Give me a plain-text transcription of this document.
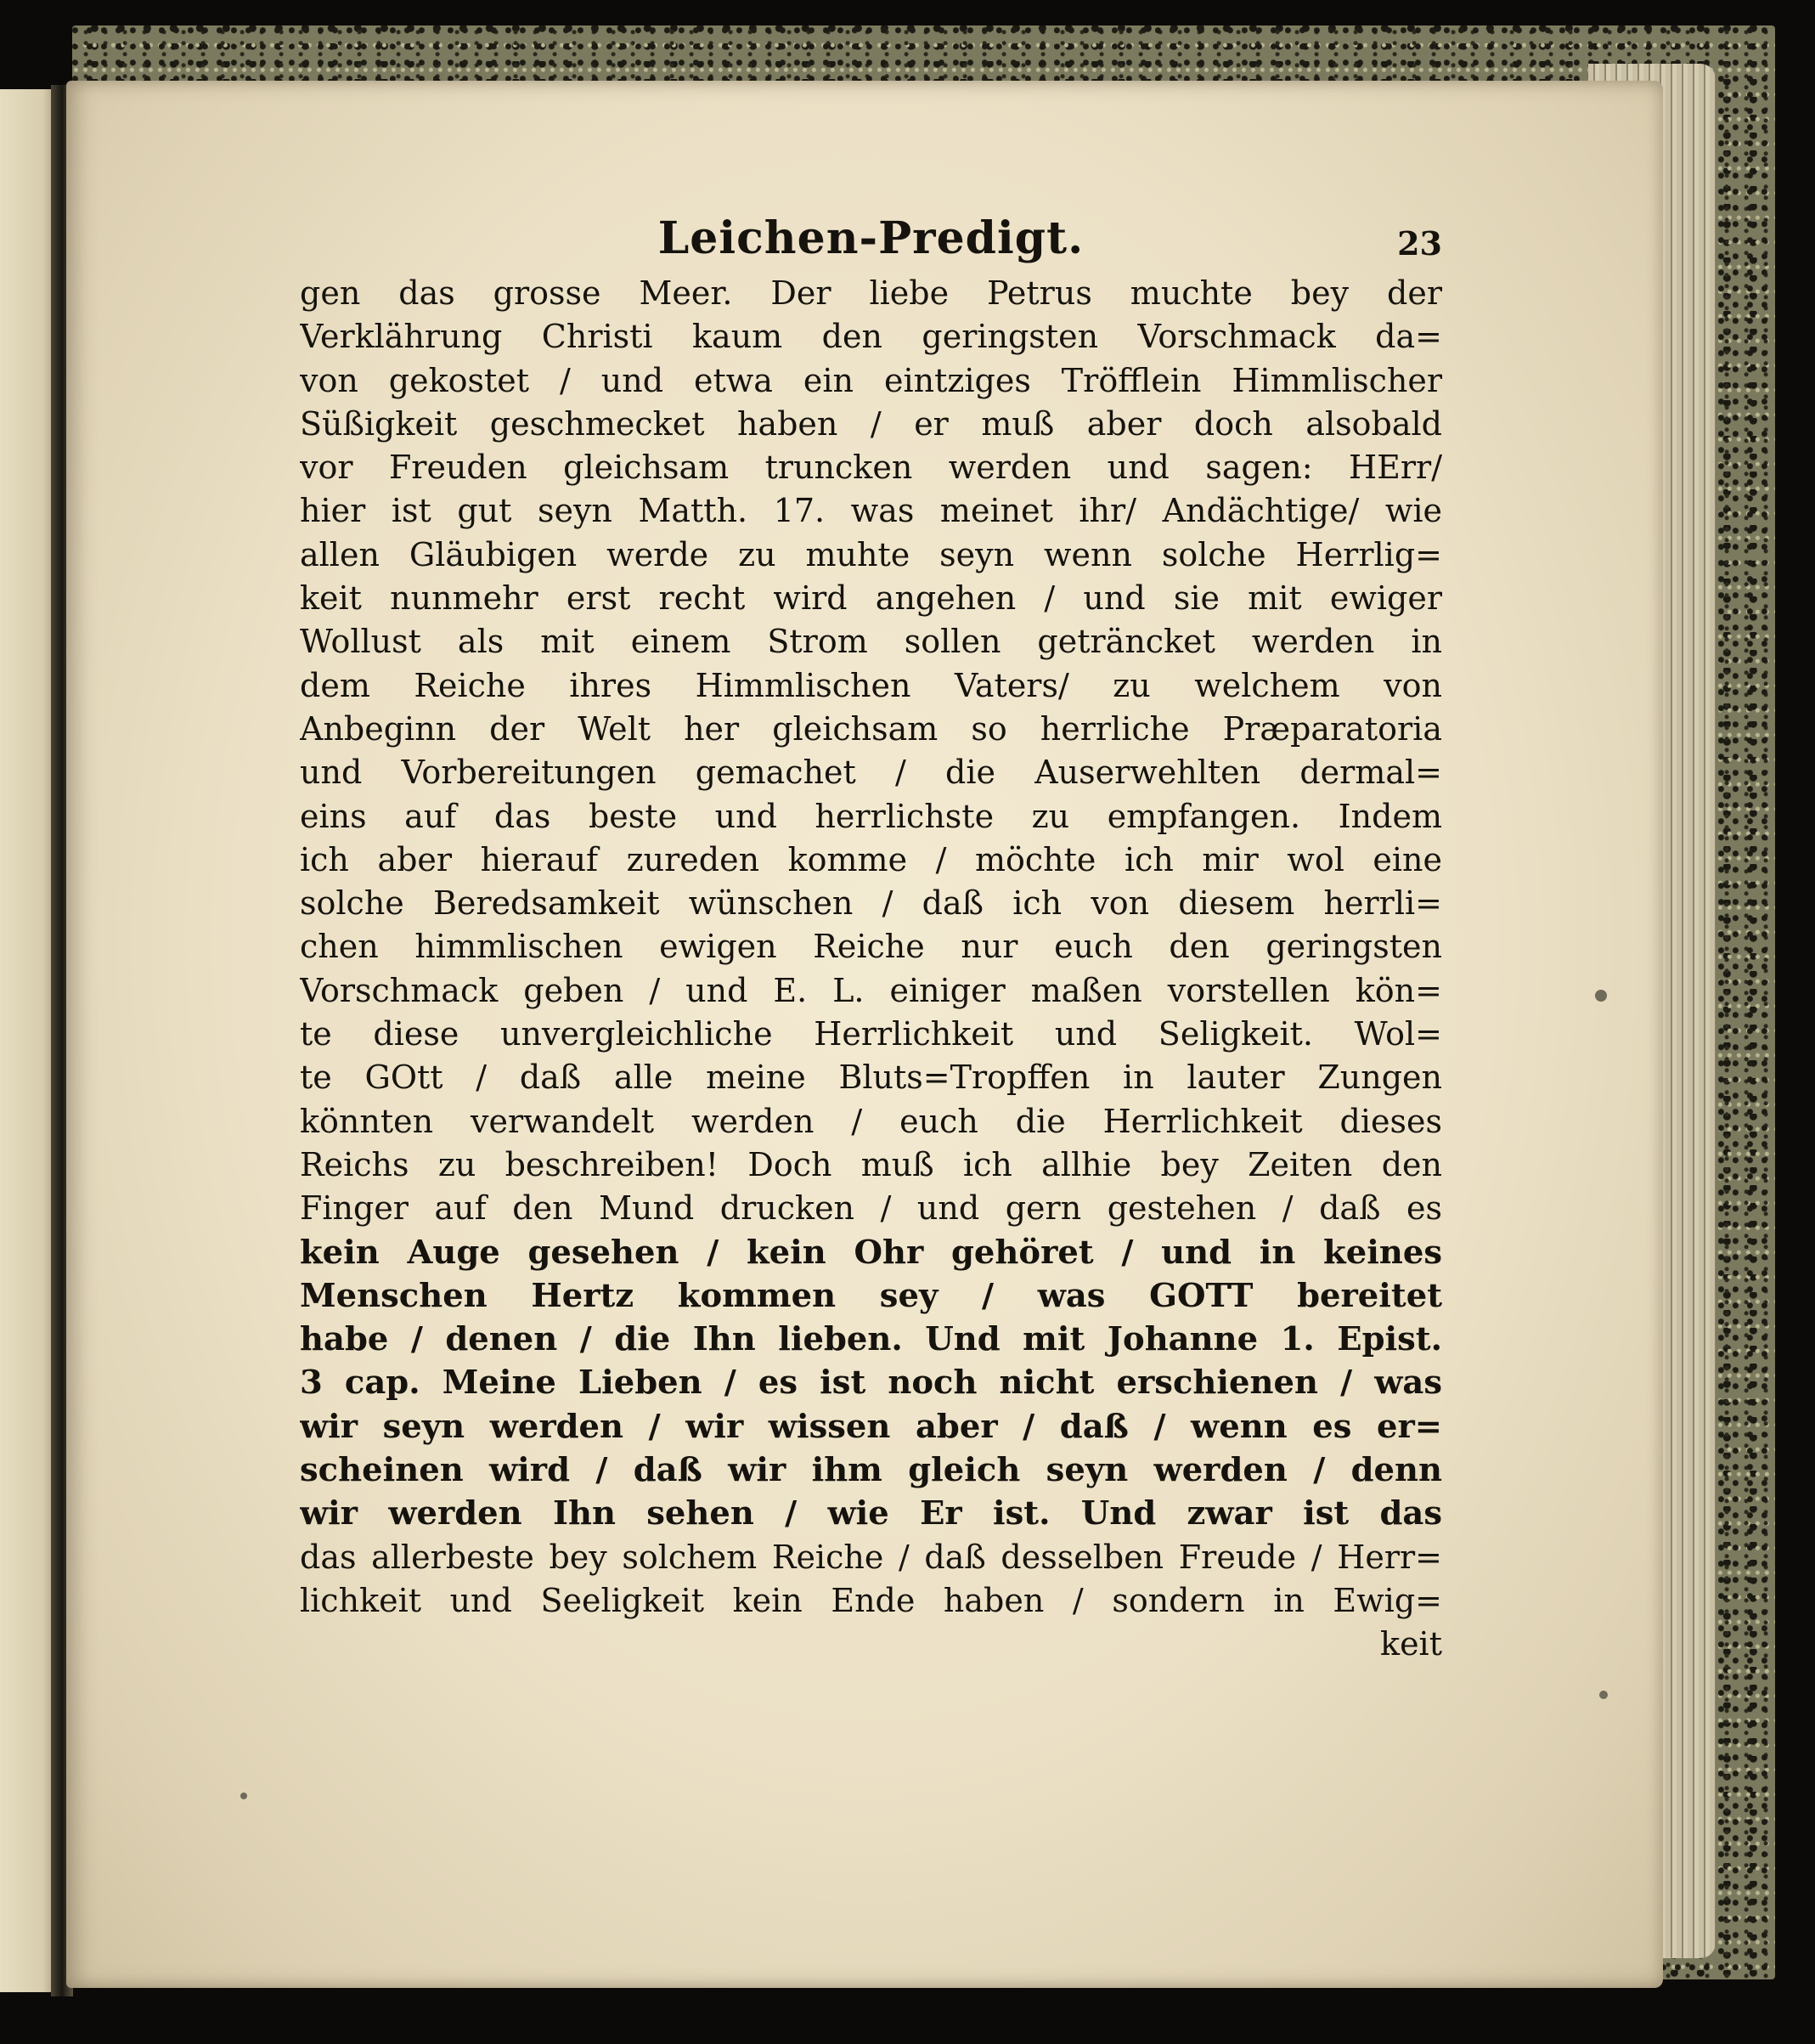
Leichen-Predigt.	23
gen das grosse Meer. Der liebe Petrus muchte bey der
Verklährung Christi kaum den geringsten Vorschmack da=
von gekostet / und etwa ein eintziges Tröfflein Himmlischer
Süßigkeit geschmecket haben / er muß aber doch alsobald
vor Freuden gleichsam truncken werden und sagen: HErr/
hier ist gut seyn Matth. 17. was meinet ihr/ Andächtige/ wie
allen Gläubigen werde zu muhte seyn wenn solche Herrlig=
keit nunmehr erst recht wird angehen / und sie mit ewiger
Wollust als mit einem Strom sollen geträncket werden in
dem Reiche ihres Himmlischen Vaters/ zu welchem von
Anbeginn der Welt her gleichsam so herrliche Præparatoria
und Vorbereitungen gemachet / die Auserwehlten dermal=
eins auf das beste und herrlichste zu empfangen. Indem
ich aber hierauf zureden komme / möchte ich mir wol eine
solche Beredsamkeit wünschen / daß ich von diesem herrli=
chen himmlischen ewigen Reiche nur euch den geringsten
Vorschmack geben / und E. L. einiger maßen vorstellen kön=
te diese unvergleichliche Herrlichkeit und Seligkeit. Wol=
te GOtt / daß alle meine Bluts=Tropffen in lauter Zungen
könnten verwandelt werden / euch die Herrlichkeit dieses
Reichs zu beschreiben! Doch muß ich allhie bey Zeiten den
Finger auf den Mund drucken / und gern gestehen / daß es
kein Auge gesehen / kein Ohr gehöret / und in keines
Menschen Hertz kommen sey / was GOTT bereitet
habe / denen / die Ihn lieben. Und mit Johanne 1. Epist.
3 cap. Meine Lieben / es ist noch nicht erschienen / was
wir seyn werden / wir wissen aber / daß / wenn es er=
scheinen wird / daß wir ihm gleich seyn werden / denn
wir werden Ihn sehen / wie Er ist. Und zwar ist das
das allerbeste bey solchem Reiche / daß desselben Freude / Herr=
lichkeit und Seeligkeit kein Ende haben / sondern in Ewig=
keit
